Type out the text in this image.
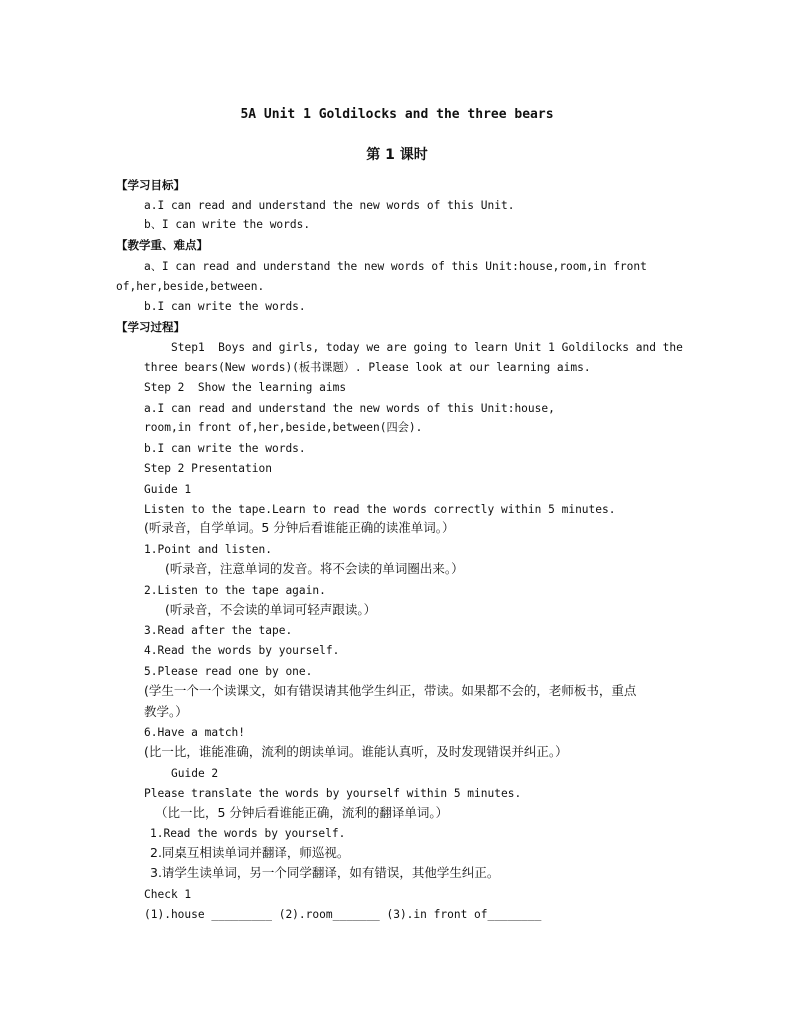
5A Unit 1 Goldilocks and the three bears
第 1 课时
【学习目标】
a.I can read and understand the new words of this Unit.
b、I can write the words.
【教学重、难点】
a、I can read and understand the new words of this Unit:house,room,in front
of,her,beside,between.
b.I can write the words.
【学习过程】
Step1  Boys and girls, today we are going to learn Unit 1 Goldilocks and the
three bears(New words)(板书课题）. Please look at our learning aims.
Step 2  Show the learning aims
a.I can read and understand the new words of this Unit:house,
room,in front of,her,beside,between(四会).
b.I can write the words.
Step 2 Presentation
Guide 1
Listen to the tape.Learn to read the words correctly within 5 minutes.
(听录音，自学单词。5 分钟后看谁能正确的读准单词。）
1.Point and listen.
(听录音，注意单词的发音。将不会读的单词圈出来。）
2.Listen to the tape again.
(听录音，不会读的单词可轻声跟读。）
3.Read after the tape.
4.Read the words by yourself.
5.Please read one by one.
(学生一个一个读课文，如有错误请其他学生纠正，带读。如果都不会的，老师板书，重点
教学。）
6.Have a match!
(比一比，谁能准确，流利的朗读单词。谁能认真听，及时发现错误并纠正。）
Guide 2
Please translate the words by yourself within 5 minutes.
（比一比，5 分钟后看谁能正确，流利的翻译单词。）
1.Read the words by yourself.
2.同桌互相读单词并翻译，师巡视。
3.请学生读单词，另一个同学翻译，如有错误，其他学生纠正。
Check 1
(1).house _________ (2).room_______ (3).in front of________
